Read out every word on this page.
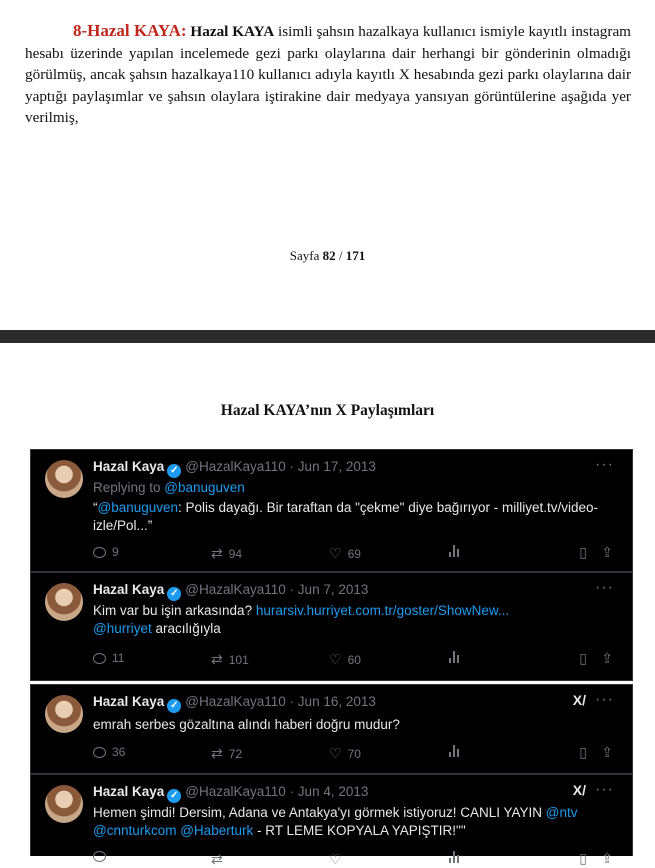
8-Hazal KAYA: Hazal KAYA isimli şahsın hazalkaya kullanıcı ismiyle kayıtlı instagram hesabı üzerinde yapılan incelemede gezi parkı olaylarına dair herhangi bir gönderinin olmadığı görülmüş, ancak şahsın hazalkaya110 kullanıcı adıyla kayıtlı X hesabında gezi parkı olaylarına dair yaptığı paylaşımlar ve şahsın olaylara iştirakine dair medyaya yansıyan görüntülerine aşağıda yer verilmiş,
Sayfa 82 / 171
Hazal KAYA’nın X Paylaşımları
Hazal Kaya ✓ @HazalKaya110 · Jun 17, 2013	···
Replying to @banuguven
“@banuguven: Polis dayağı. Bir taraftan da "çekme" diye bağırıyor - milliyet.tv/video-izle/Pol...”
9	⇄ 94	♡ 69	▯ ⇪
Hazal Kaya ✓ @HazalKaya110 · Jun 7, 2013	···
Kim var bu işin arkasında? hurarsiv.hurriyet.com.tr/goster/ShowNew...
@hurriyet aracılığıyla
11	⇄ 101	♡ 60	▯ ⇪
Hazal Kaya ✓ @HazalKaya110 · Jun 16, 2013	X/ ···
emrah serbes gözaltına alındı haberi doğru mudur?
36	⇄ 72	♡ 70	▯ ⇪
Hazal Kaya ✓ @HazalKaya110 · Jun 4, 2013	X/ ···
Hemen şimdi! Dersim, Adana ve Antakya'yı görmek istiyoruz! CANLI YAYIN @ntv @cnnturkcom @Haberturk - RT LEME KOPYALA YAPIŞTIR!""
⇄	♡	▯ ⇪
